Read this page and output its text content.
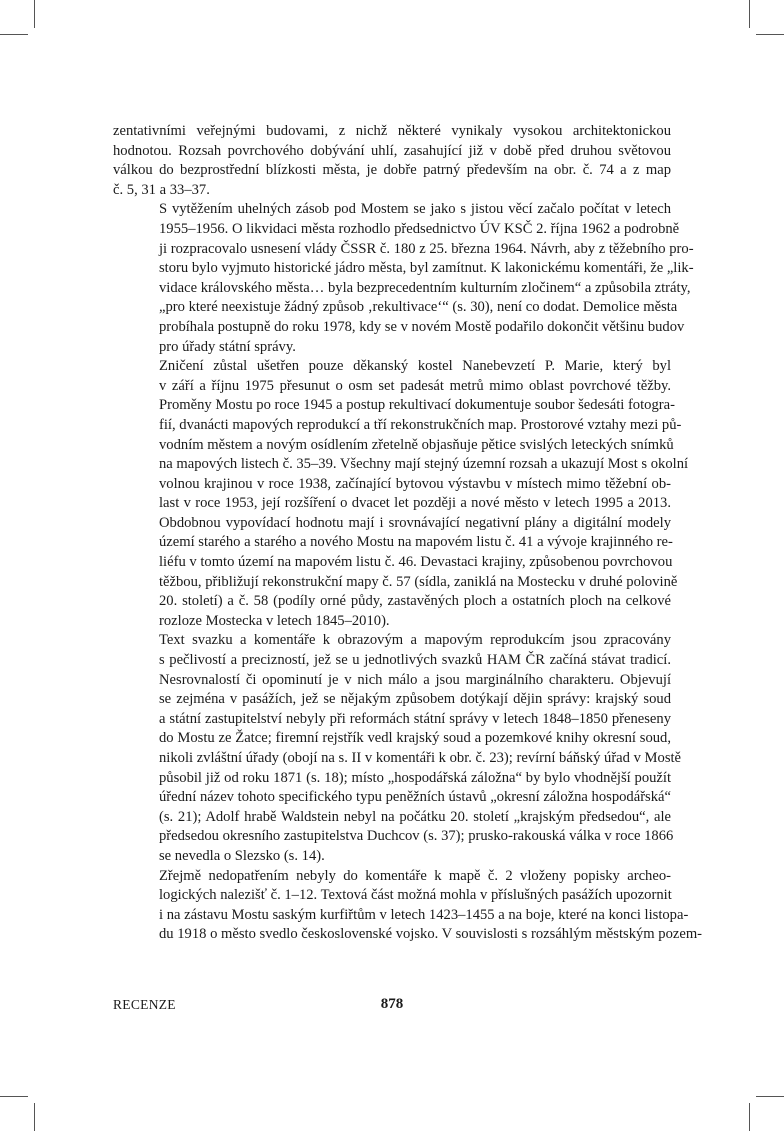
zentativními veřejnými budovami, z nichž některé vynikaly vysokou architektonickou
hodnotou. Rozsah povrchového dobývání uhlí, zasahující již v době před druhou světovou
válkou do bezprostřední blízkosti města, je dobře patrný především na obr. č. 74 a z map
č. 5, 31 a 33–37.

S vytěžením uhelných zásob pod Mostem se jako s jistou věcí začalo počítat v letech
1955–1956. O likvidaci města rozhodlo předsednictvo ÚV KSČ 2. října 1962 a podrobně
ji rozpracovalo usnesení vlády ČSSR č. 180 z 25. března 1964. Návrh, aby z těžebního pro-
storu bylo vyjmuto historické jádro města, byl zamítnut. K lakonickému komentáři, že „lik-
vidace královského města… byla bezprecedentním kulturním zločinem“ a způsobila ztráty,
„pro které neexistuje žádný způsob ‚rekultivace‘“ (s. 30), není co dodat. Demolice města
probíhala postupně do roku 1978, kdy se v novém Mostě podařilo dokončit většinu budov
pro úřady státní správy.

Zničení zůstal ušetřen pouze děkanský kostel Nanebevzetí P. Marie, který byl
v září a říjnu 1975 přesunut o osm set padesát metrů mimo oblast povrchové těžby.
Proměny Mostu po roce 1945 a postup rekultivací dokumentuje soubor šedesáti fotogra-
fií, dvanácti mapových reprodukcí a tří rekonstrukčních map. Prostorové vztahy mezi pů-
vodním městem a novým osídlením zřetelně objasňuje pětice svislých leteckých snímků
na mapových listech č. 35–39. Všechny mají stejný územní rozsah a ukazují Most s okolní
volnou krajinou v roce 1938, začínající bytovou výstavbu v místech mimo těžební ob-
last v roce 1953, její rozšíření o dvacet let později a nové město v letech 1995 a 2013.
Obdobnou vypovídací hodnotu mají i srovnávající negativní plány a digitální modely
území starého a starého a nového Mostu na mapovém listu č. 41 a vývoje krajinného re-
liéfu v tomto území na mapovém listu č. 46. Devastaci krajiny, způsobenou povrchovou
těžbou, přibližují rekonstrukční mapy č. 57 (sídla, zaniklá na Mostecku v druhé polovině
20. století) a č. 58 (podíly orné půdy, zastavěných ploch a ostatních ploch na celkové
rozloze Mostecka v letech 1845–2010).

Text svazku a komentáře k obrazovým a mapovým reprodukcím jsou zpracovány
s pečlivostí a precizností, jež se u jednotlivých svazků HAM ČR začíná stávat tradicí.
Nesrovnalostí či opominutí je v nich málo a jsou marginálního charakteru. Objevují
se zejména v pasážích, jež se nějakým způsobem dotýkají dějin správy: krajský soud
a státní zastupitelství nebyly při reformách státní správy v letech 1848–1850 přeneseny
do Mostu ze Žatce; firemní rejstřík vedl krajský soud a pozemkové knihy okresní soud,
nikoli zvláštní úřady (obojí na s. II v komentáři k obr. č. 23); revírní báňský úřad v Mostě
působil již od roku 1871 (s. 18); místo „hospodářská záložna“ by bylo vhodnější použít
úřední název tohoto specifického typu peněžních ústavů „okresní záložna hospodářská“
(s. 21); Adolf hrabě Waldstein nebyl na počátku 20. století „krajským předsedou“, ale
předsedou okresního zastupitelstva Duchcov (s. 37); prusko-rakouská válka v roce 1866
se nevedla o Slezsko (s. 14).

Zřejmě nedopatřením nebyly do komentáře k mapě č. 2 vloženy popisky archeo-
logických nalezišť č. 1–12. Textová část možná mohla v příslušných pasážích upozornit
i na zástavu Mostu saským kurfiřtům v letech 1423–1455 a na boje, které na konci listopa-
du 1918 o město svedlo československé vojsko. V souvislosti s rozsáhlým městským pozem-

RECENZE	878
